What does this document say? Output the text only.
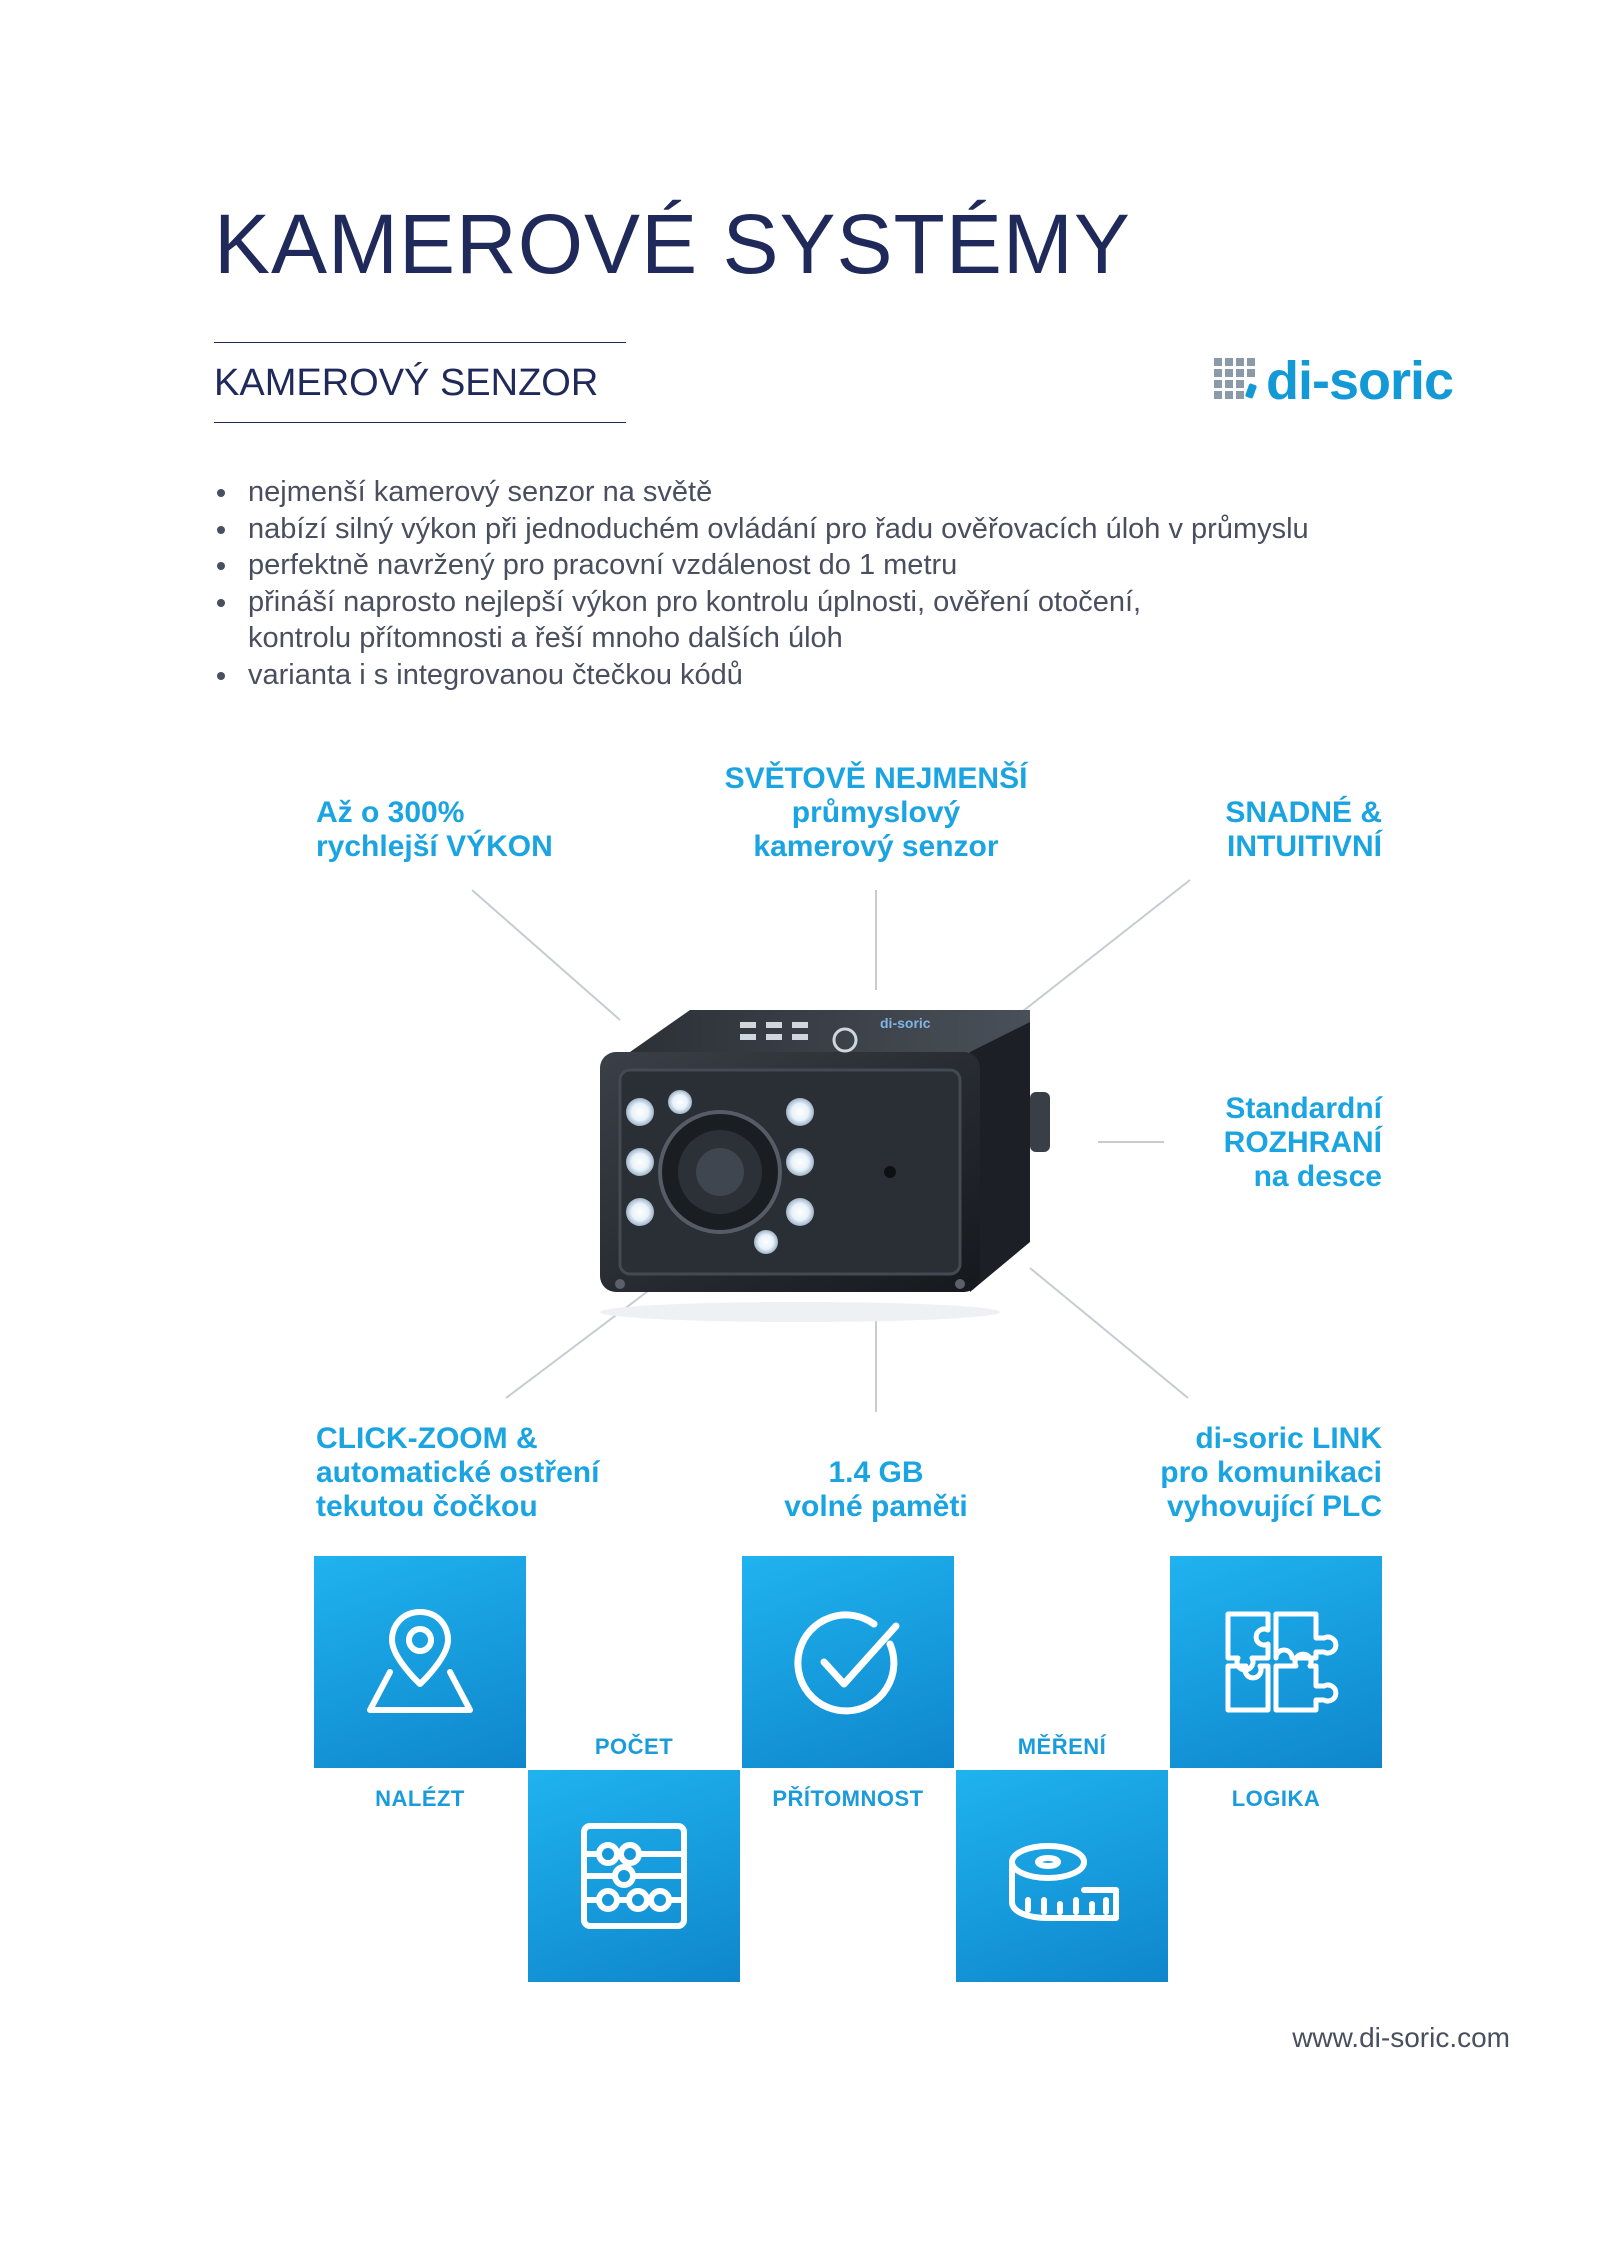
KAMEROVÉ SYSTÉMY
KAMEROVÝ SENZOR	di-soric
nejmenší kamerový senzor na světě
nabízí silný výkon při jednoduchém ovládání pro řadu ověřovacích úloh v průmyslu
perfektně navržený pro pracovní vzdálenost do 1 metru
přináší naprosto nejlepší výkon pro kontrolu úplnosti, ověření otočení,
kontrolu přítomnosti a řeší mnoho dalších úloh
varianta i s integrovanou čtečkou kódů
Až o 300%
rychlejší VÝKON
SVĚTOVĚ NEJMENŠÍ
průmyslový
kamerový senzor
SNADNÉ &
INTUITIVNÍ
Standardní
ROZHRANÍ
na desce
CLICK-ZOOM &
automatické ostření
tekutou čočkou
1.4 GB
volné paměti
di-soric LINK
pro komunikaci
vyhovující PLC
di-soric
NALÉZT
POČET
PŘÍTOMNOST
MĚŘENÍ
LOGIKA
www.di-soric.com
